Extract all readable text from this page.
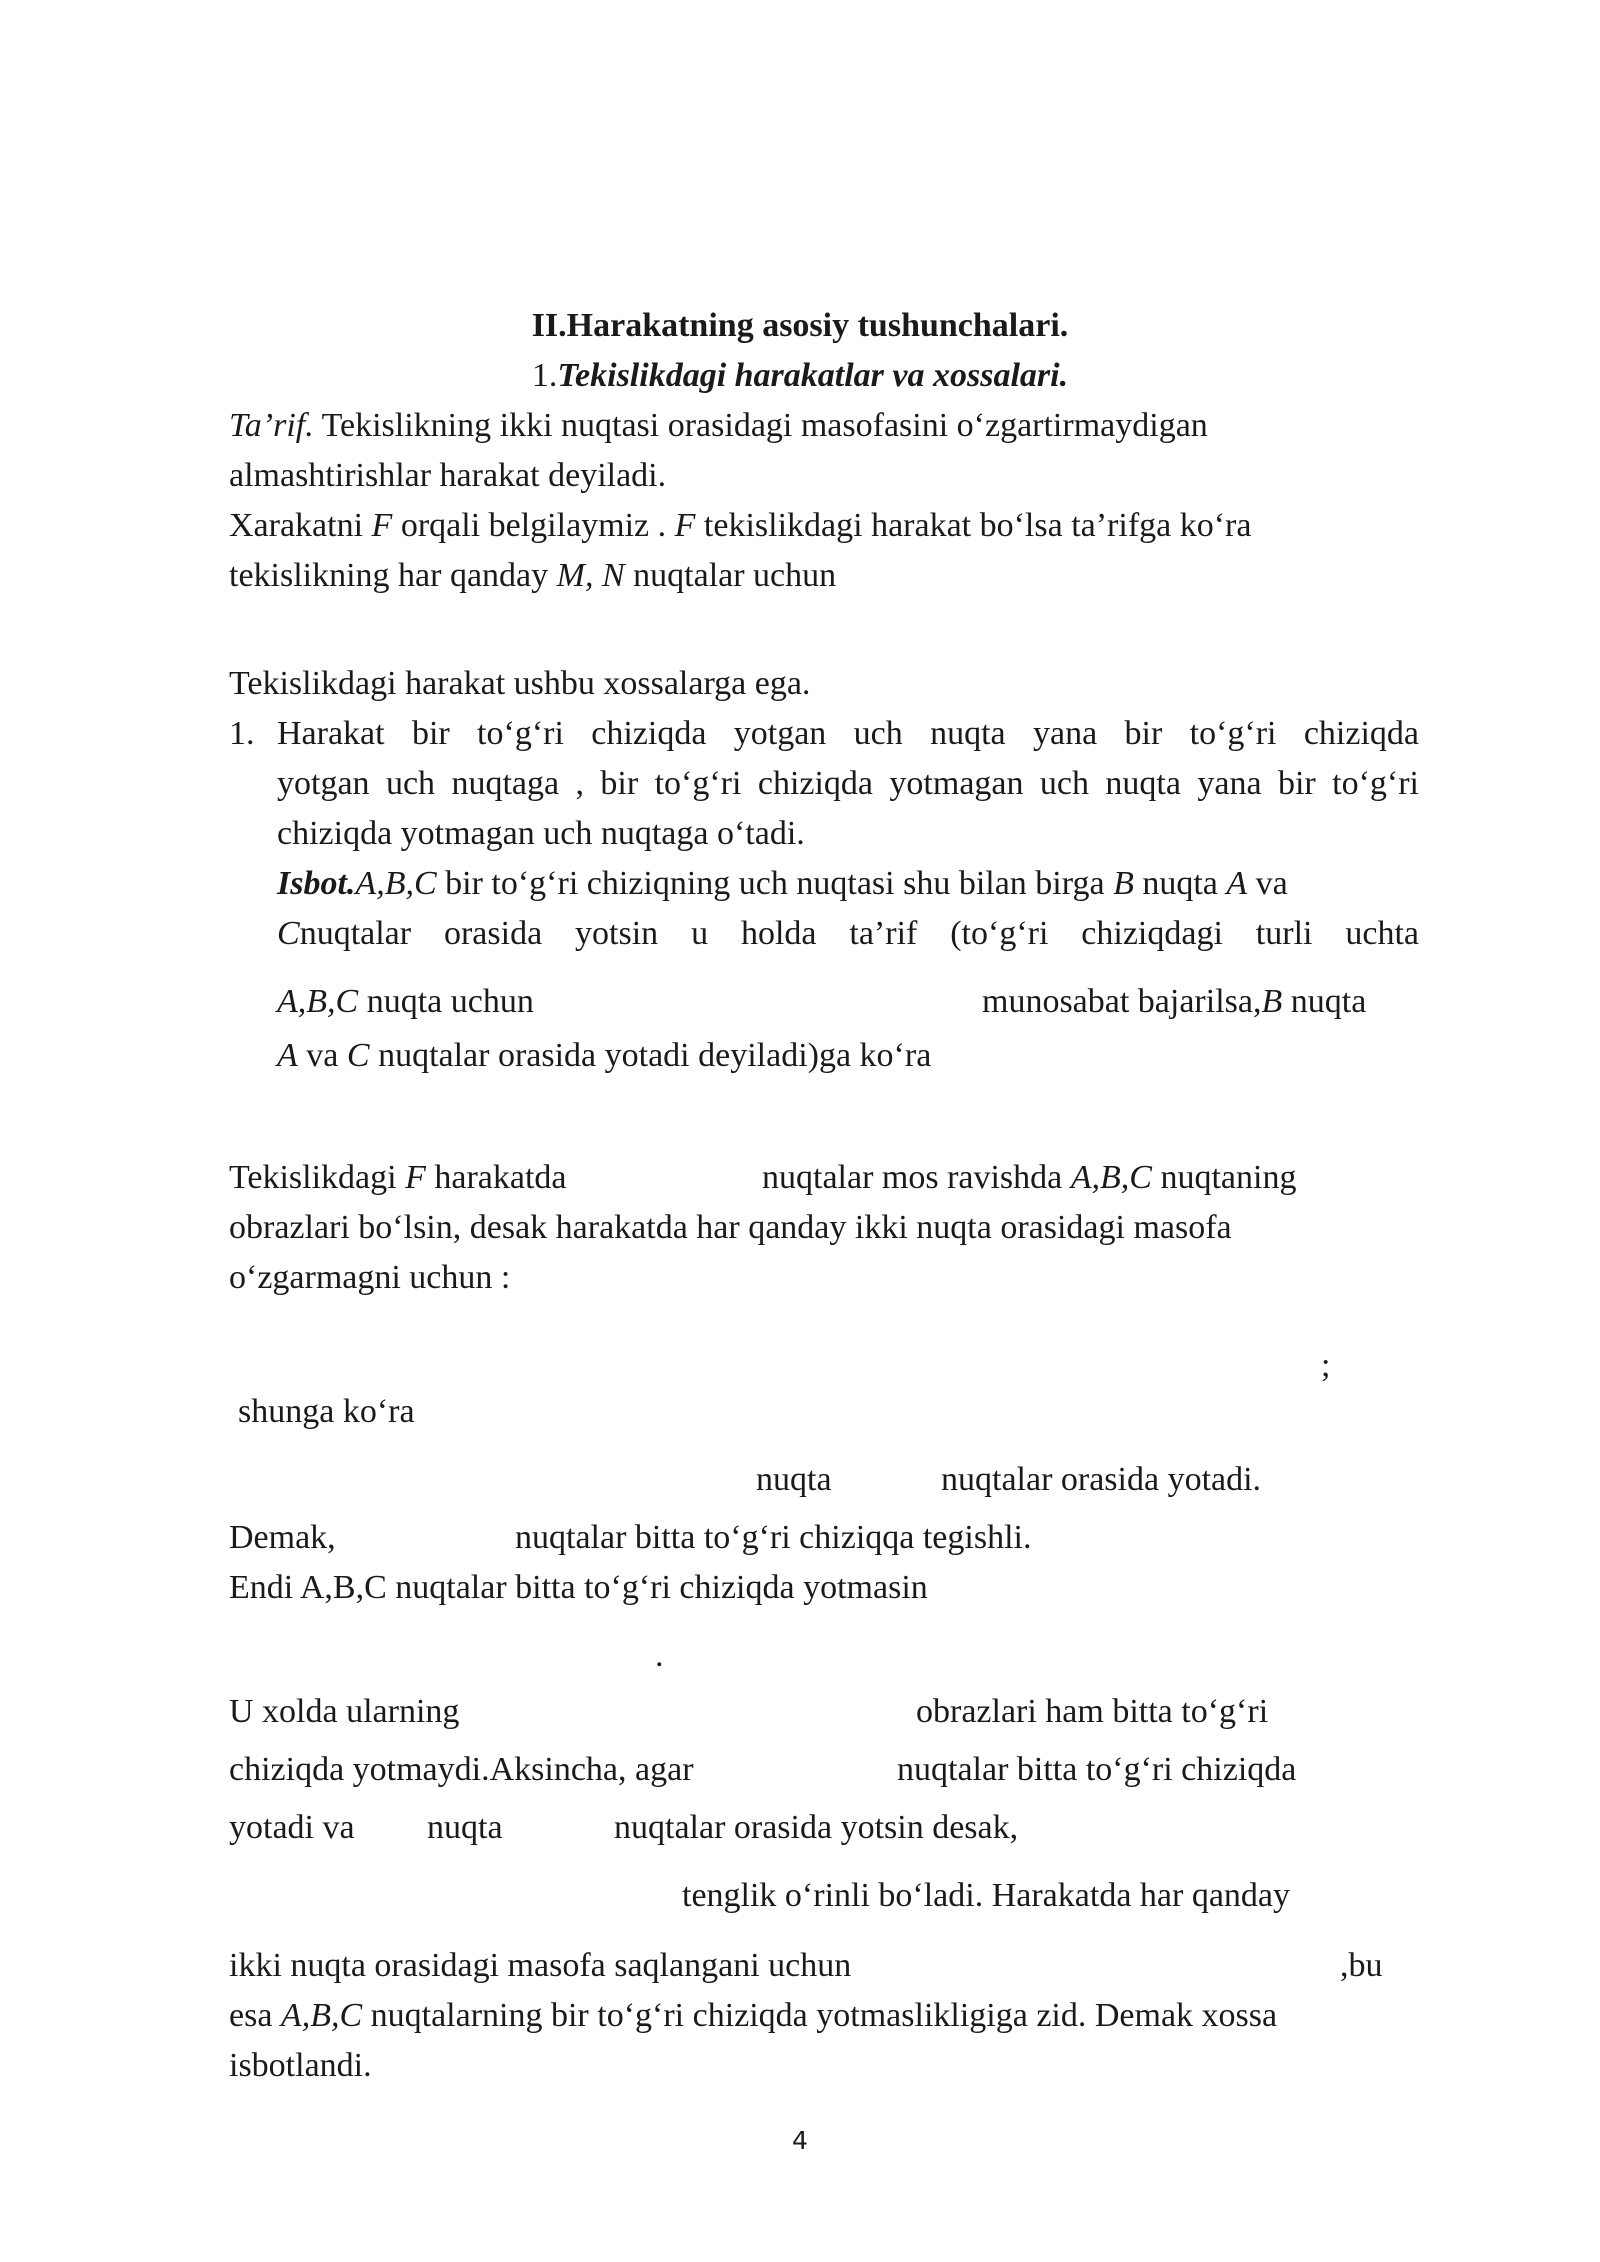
II.Harakatning asosiy tushunchalari.
1.Tekislikdagi harakatlar va xossalari.
Ta’rif. Tekislikning ikki nuqtasi orasidagi masofasini o‘zgartirmaydigan
almashtirishlar harakat deyiladi.
Xarakatni F orqali belgilaymiz . F tekislikdagi harakat bo‘lsa ta’rifga ko‘ra
tekislikning har qanday M, N nuqtalar uchun
Tekislikdagi harakat ushbu xossalarga ega.
1. Harakat bir to‘g‘ri chiziqda yotgan uch nuqta yana bir to‘g‘ri chiziqda
yotgan uch nuqtaga , bir to‘g‘ri chiziqda yotmagan uch nuqta yana bir to‘g‘ri
chiziqda yotmagan uch nuqtaga o‘tadi.
Isbot.A,B,C bir to‘g‘ri chiziqning uch nuqtasi shu bilan birga B nuqta A va
C nuqtalar orasida yotsin u holda ta’rif (to‘g‘ri chiziqdagi turli uchta
A,B,C nuqta uchun	munosabat bajarilsa,B nuqta
A va C nuqtalar orasida yotadi deyiladi)ga ko‘ra
Tekislikdagi F harakatda	nuqtalar mos ravishda A,B,C nuqtaning
obrazlari bo‘lsin, desak harakatda har qanday ikki nuqta orasidagi masofa
o‘zgarmagni uchun :
;
shunga ko‘ra
nuqta	nuqtalar orasida yotadi.
Demak,	nuqtalar bitta to‘g‘ri chiziqqa tegishli.
Endi A,B,C nuqtalar bitta to‘g‘ri chiziqda yotmasin
.
U xolda ularning	obrazlari ham bitta to‘g‘ri
chiziqda yotmaydi.Aksincha, agar	nuqtalar bitta to‘g‘ri chiziqda
yotadi va nuqta	nuqtalar orasida yotsin desak,
tenglik o‘rinli bo‘ladi. Harakatda har qanday
ikki nuqta orasidagi masofa saqlangani uchun	,bu
esa A,B,C nuqtalarning bir to‘g‘ri chiziqda yotmaslikligiga zid. Demak xossa
isbotlandi.
4
